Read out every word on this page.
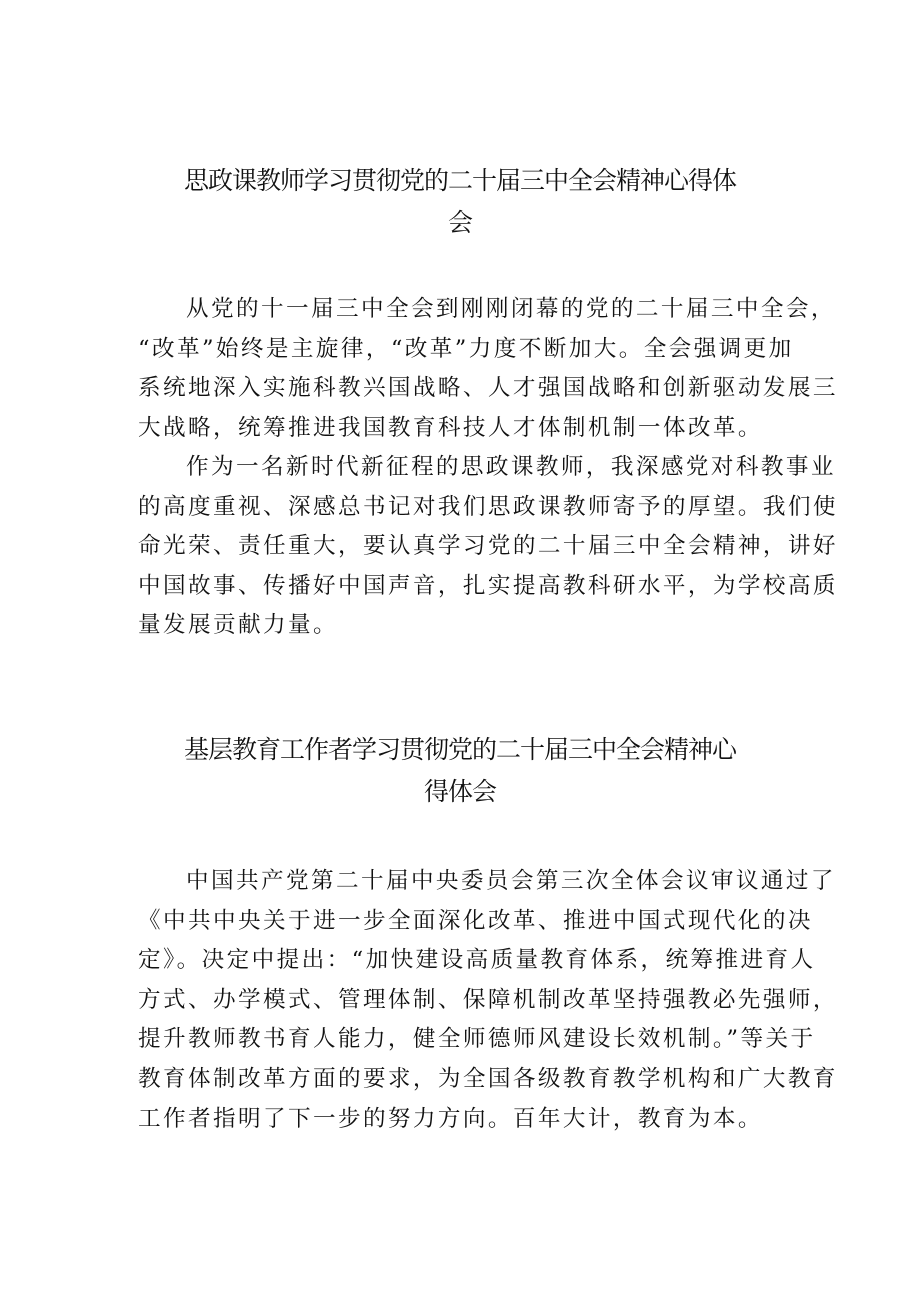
思政课教师学习贯彻党的二十届三中全会精神心得体
会

从党的十一届三中全会到刚刚闭幕的党的二十届三中全会，
“改革”始终是主旋律，“改革”力度不断加大。全会强调更加
系统地深入实施科教兴国战略、人才强国战略和创新驱动发展三
大战略，统筹推进我国教育科技人才体制机制一体改革。

作为一名新时代新征程的思政课教师，我深感党对科教事业
的高度重视、深感总书记对我们思政课教师寄予的厚望。我们使
命光荣、责任重大，要认真学习党的二十届三中全会精神，讲好
中国故事、传播好中国声音，扎实提高教科研水平，为学校高质
量发展贡献力量。

基层教育工作者学习贯彻党的二十届三中全会精神心
得体会

中国共产党第二十届中央委员会第三次全体会议审议通过了
《中共中央关于进一步全面深化改革、推进中国式现代化的决
定》。决定中提出：“加快建设高质量教育体系，统筹推进育人
方式、办学模式、管理体制、保障机制改革坚持强教必先强师，
提升教师教书育人能力，健全师德师风建设长效机制。”等关于
教育体制改革方面的要求，为全国各级教育教学机构和广大教育
工作者指明了下一步的努力方向。百年大计，教育为本。
